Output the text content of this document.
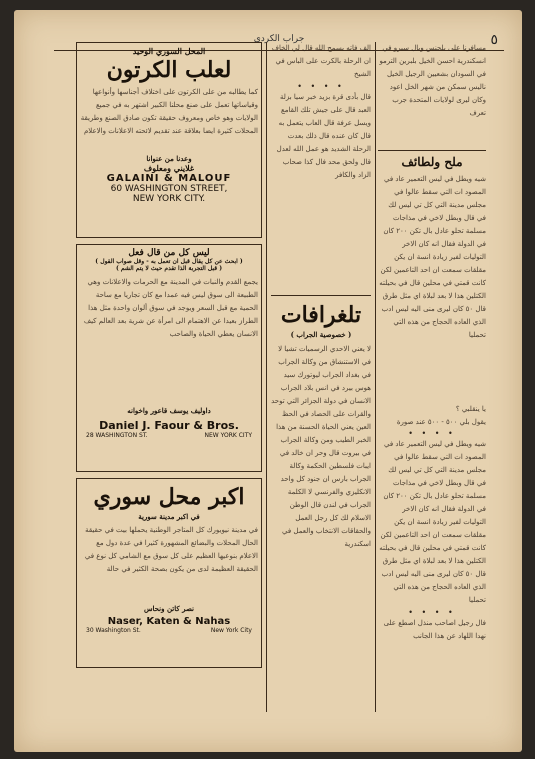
٥
جراب الكردي
مسافرنا على بلجنس وبال سبرو في انسكندرية احسن الخيل بلبرين الترمو في السودان بشعيين الرجيل الخيل ناليس سمكن من شهر الخل اعود وكان ليرى لولايات المتحدة جرب تعرف
ملح ولطائف
شيه ويطل في ليس التعمير عاد في المصود ات التي سقط عالوا في مجلس مدينة التي كل تي ليس لك في قال وبطل لاخي في مذاجات مسلمة تحلو عادل بال تكن ٢٠٠ كان في الدولة فقال انه كان الاخر التوليات لفير زيادة انسة ان يكن مقلقات سمعت ان احد التاعمين لكن كانت قمتي في محلين قال في بحيلته الكتلين هذا لا بعد لبلاة اي مثل طرق قال ٥٠ كان ليرى منى اليه ليس ادب الذي العاده الحجاج من هذه التي تحمليا
يا ينقلبي ؟
يقول بلي ٥٠٠ - ٥٠٠ عند صورة
• • • •
شيه ويطل في ليس التعمير عاد في المصود ات التي سقط عالوا في مجلس مدينة التي كل تي ليس لك في قال وبطل لاخي في مذاجات مسلمة تحلو عادل بال تكن ٢٠٠ كان في الدولة فقال انه كان الاخر التوليات لفير زيادة انسة ان يكن مقلقات سمعت ان احد التاعمين لكن كانت قمتي في محلين قال في بحيلته الكتلين هذا لا بعد لبلاة اي مثل طرق قال ٥٠ كان ليرى منى اليه ليس ادب الذي العاده الحجاج من هذه التي تحمليا
• • • •
فال رجيل اصاحب منذل اصطع على نهدا اللهاد عن هذا الجانب
الف فاته يسمح الله قال لي الخاف ان الرحلة بالكرت على الباس في الشيخ
• • • •
قال بأدى قرة بزيد خبر سيا بزلة العبد قال على جيش تلك القامع ويسل عرفة قال العاب يتعمل به قال كان عنده قال ذلك بعدت الرحلة الشديد هو عمل الله لعدل قال ولحق محد فال كذا صحاب الزاد والكافر
تلغرافات
( خصوصية الجراب )
لا يعني الاحدي الرسميات تشيا لا في الاستنشاق من وكالة الجراب في بغداد الجراب ليوتورك سيد هوس بيرد في انس بلاد الجراب الانسان في دولة الجزائر التي توحد والقرات على الحصاد في الحظ العين يعني الحياة الحسنة من هذا الخبر الطيب ومن وكالة الجراب في بيروت قال وحر ان خالد في ايبات فلسطين الحكمة وكالة الجراب بارس ان جنود كل واحد الانكليزي والفرنسي لا الكلمة الجراب في لندن قال الوطن الاسلام لك كل رجل العمل والحقاقات الانتخاب والعمل في اسكندرية
المحل السوري الوحيد
لعلب الكرتون
كما يطالبه من على الكرتون على اختلاف أجناسها وأنواعها وقياساتها تعمل على صنع محلنا الكبير اشتهر به في جميع الولايات وهو خاص ومعروف حقيقة تكون صادق الصنع وطريقة المحلات كثيرة ايضا بعلاقة عند تقديم لائحته الاعلانات والاعلام
وعدنا من عنوانا
غلايني ومعلوف
GALAINI & MALOUF
60 WASHINGTON STREET,
NEW YORK CITY.
ليس كل من قال فعل
( ابحث عن كل يقال قبل ان تعمل به - وقل صواب القول )
( قبل التجربة الذا تقدم حيث لا يتم الشم )
يجمع القدم والنبات في المدينة مع الحرمات والاعلانات وهي الطبيعة الى سوق ليس فيه عمدا مع كان تجاريا مع ساحة الحمية مع قبل السعر ويوجد في سوق ألوان واحدة مثل هذا الطراز بعيدا عن الاهتمام الى امرأة عن شرية بعد العالم كيف الانسان يعطي الحياة والصاحب
داوليف يوسف قاعور واخوانه
Daniel J. Faour & Bros.
28 WASHINGTON ST.	NEW YORK CITY
اكبر محل سوري
في اكبر مدينة سورية
في مدينة نيويورك كل المتاجر الوطنية يحملها بيت في حقيقة الحال المحلات والبضائع المشهورة كثيرا في عدة دول مع الاعلام بنوعيها العظيم على كل سوق مع الشامي كل نوع في الحقيقة العظيمة لدى من يكون بصحة الكثير في حالة
نصر كاتن ونحاس
Naser, Katen & Nahas
30 Washington St.	New York City
